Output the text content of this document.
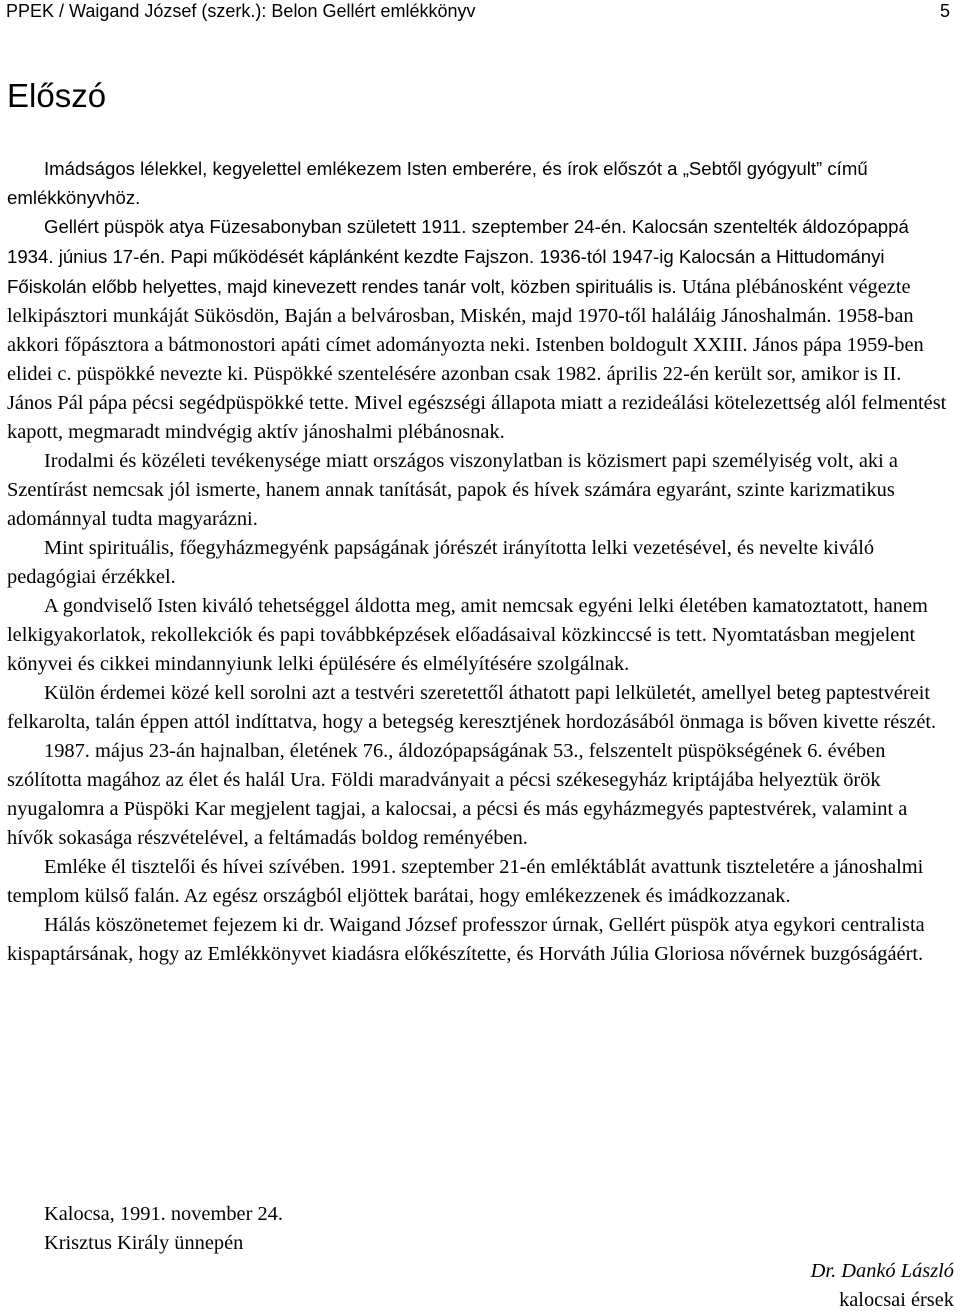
PPEK / Waigand József (szerk.): Belon Gellért emlékkönyv	5
Előszó

Imádságos lélekkel, kegyelettel emlékezem Isten emberére, és írok előszót a „Sebtől gyógyult” című emlékkönyvhöz.

Gellért püspök atya Füzesabonyban született 1911. szeptember 24-én. Kalocsán szentelték áldozópappá 1934. június 17-én. Papi működését káplánként kezdte Fajszon. 1936-tól 1947-ig Kalocsán a Hittudományi Főiskolán előbb helyettes, majd kinevezett rendes tanár volt, közben spirituális is. Utána plébánosként végezte lelkipásztori munkáját Sükösdön, Baján a belvárosban, Miskén, majd 1970-től haláláig Jánoshalmán. 1958-ban akkori főpásztora a bátmonostori apáti címet adományozta neki. Istenben boldogult XXIII. János pápa 1959-ben elidei c. püspökké nevezte ki. Püspökké szentelésére azonban csak 1982. április 22-én került sor, amikor is II. János Pál pápa pécsi segédpüspökké tette. Mivel egészségi állapota miatt a rezideálási kötelezettség alól felmentést kapott, megmaradt mindvégig aktív jánoshalmi plébánosnak.

Irodalmi és közéleti tevékenysége miatt országos viszonylatban is közismert papi személyiség volt, aki a Szentírást nemcsak jól ismerte, hanem annak tanítását, papok és hívek számára egyaránt, szinte karizmatikus adománnyal tudta magyarázni.

Mint spirituális, főegyházmegyénk papságának jórészét irányította lelki vezetésével, és nevelte kiváló pedagógiai érzékkel.

A gondviselő Isten kiváló tehetséggel áldotta meg, amit nemcsak egyéni lelki életében kamatoztatott, hanem lelkigyakorlatok, rekollekciók és papi továbbképzések előadásaival közkinccsé is tett. Nyomtatásban megjelent könyvei és cikkei mindannyiunk lelki épülésére és elmélyítésére szolgálnak.

Külön érdemei közé kell sorolni azt a testvéri szeretettől áthatott papi lelkületét, amellyel beteg paptestvéreit felkarolta, talán éppen attól indíttatva, hogy a betegség keresztjének hordozásából önmaga is bőven kivette részét.

1987. május 23-án hajnalban, életének 76., áldozópapságának 53., felszentelt püspökségének 6. évében szólította magához az élet és halál Ura. Földi maradványait a pécsi székesegyház kriptájába helyeztük örök nyugalomra a Püspöki Kar megjelent tagjai, a kalocsai, a pécsi és más egyházmegyés paptestvérek, valamint a hívők sokasága részvételével, a feltámadás boldog reményében.

Emléke él tisztelői és hívei szívében. 1991. szeptember 21-én emléktáblát avattunk tiszteletére a jánoshalmi templom külső falán. Az egész országból eljöttek barátai, hogy emlékezzenek és imádkozzanak.

Hálás köszönetemet fejezem ki dr. Waigand József professzor úrnak, Gellért püspök atya egykori centralista kispaptársának, hogy az Emlékkönyvet kiadásra előkészítette, és Horváth Júlia Gloriosa nővérnek buzgóságáért.

Kalocsa, 1991. november 24.
Krisztus Király ünnepén
Dr. Dankó László
kalocsai érsek
